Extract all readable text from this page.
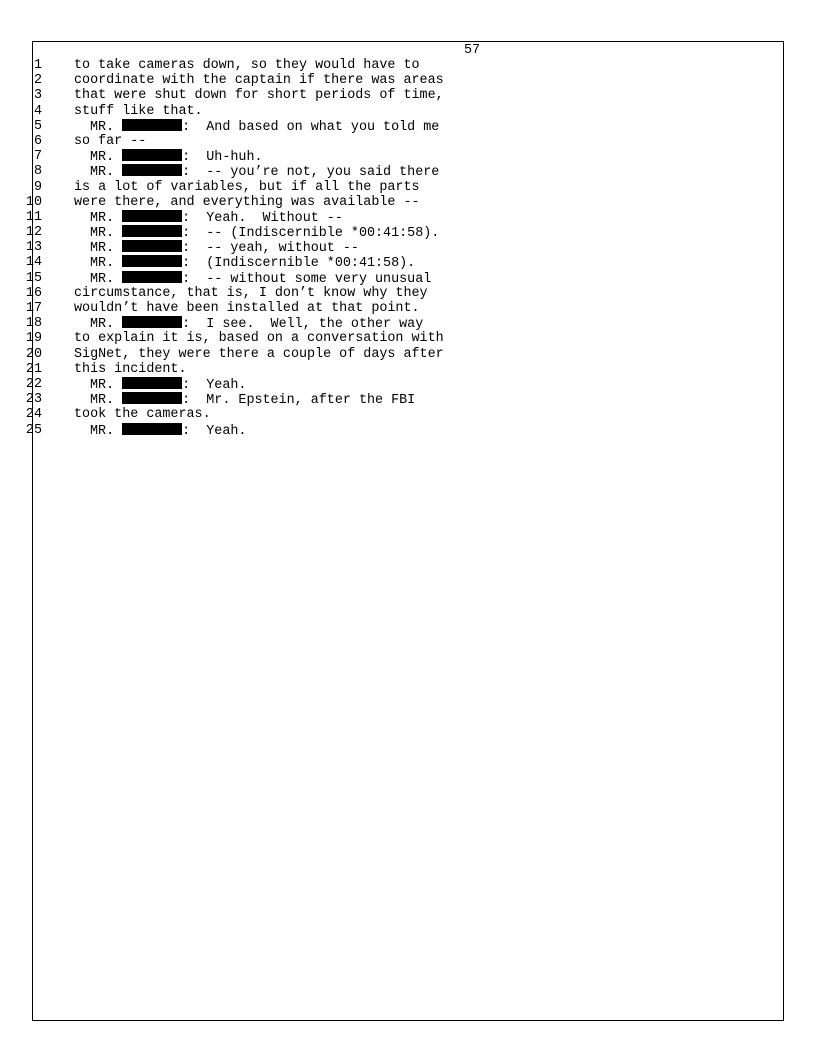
57
1 to take cameras down, so they would have to
2 coordinate with the captain if there was areas
3 that were shut down for short periods of time,
4 stuff like that.
5	MR.	:  And based on what you told me
6 so far --
7	MR.	:  Uh-huh.
8	MR.	:  -- you’re not, you said there
9 is a lot of variables, but if all the parts
10 were there, and everything was available --
11	MR.	:  Yeah.  Without --
12	MR.	:  -- (Indiscernible *00:41:58).
13	MR.	:  -- yeah, without --
14	MR.	:  (Indiscernible *00:41:58).
15	MR.	:  -- without some very unusual
16 circumstance, that is, I don’t know why they
17 wouldn’t have been installed at that point.
18	MR.	:  I see.  Well, the other way
19 to explain it is, based on a conversation with
20 SigNet, they were there a couple of days after
21 this incident.
22	MR.	:  Yeah.
23	MR.	:  Mr. Epstein, after the FBI
24 took the cameras.
25	MR.	:  Yeah.
